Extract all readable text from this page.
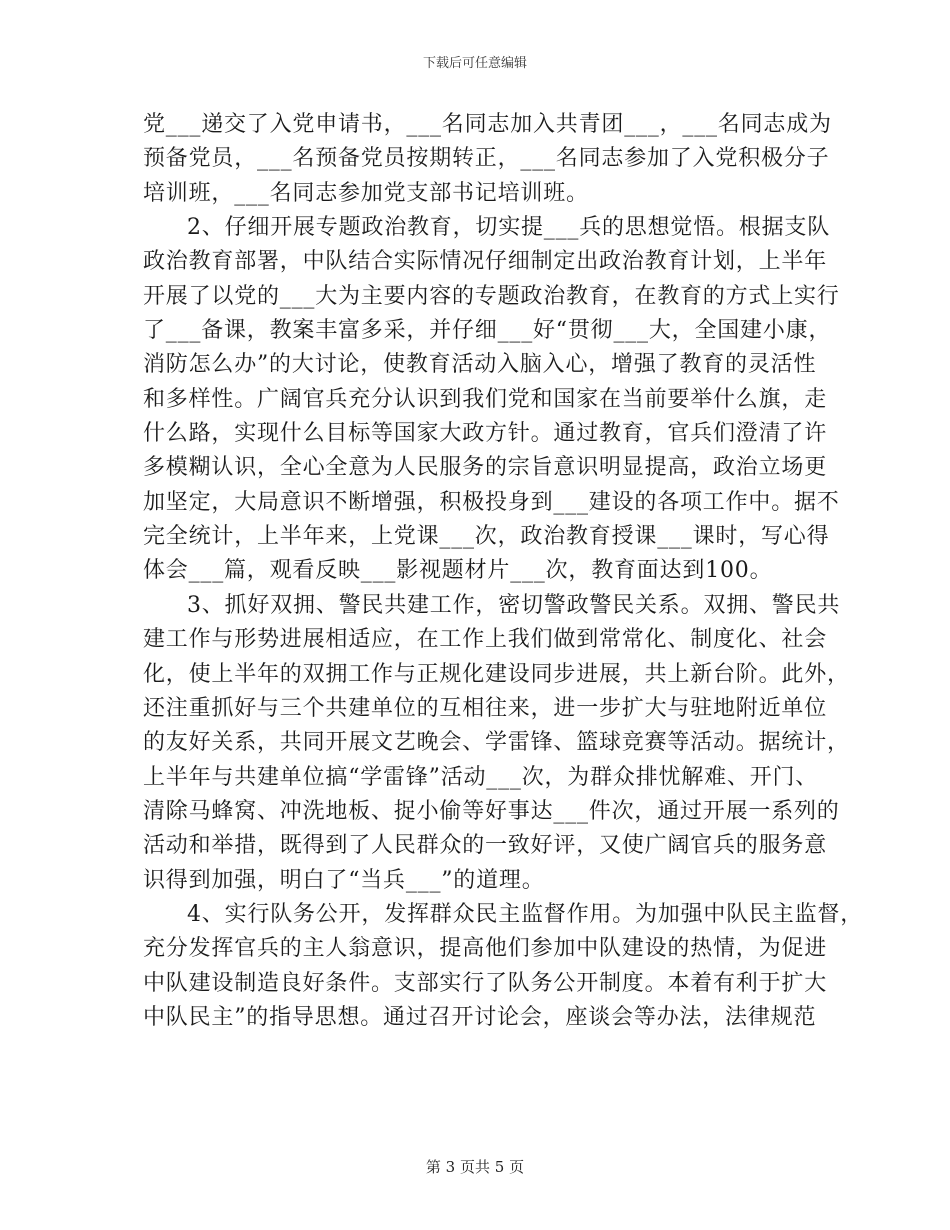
下载后可任意编辑
党___递交了入党申请书，___名同志加入共青团___，___名同志成为
预备党员，___名预备党员按期转正，___名同志参加了入党积极分子
培训班，___名同志参加党支部书记培训班。
2、仔细开展专题政治教育，切实提___兵的思想觉悟。根据支队
政治教育部署，中队结合实际情况仔细制定出政治教育计划，上半年
开展了以党的___大为主要内容的专题政治教育，在教育的方式上实行
了___备课，教案丰富多采，并仔细___好“贯彻___大，全国建小康，
消防怎么办”的大讨论，使教育活动入脑入心，增强了教育的灵活性
和多样性。广阔官兵充分认识到我们党和国家在当前要举什么旗，走
什么路，实现什么目标等国家大政方针。通过教育，官兵们澄清了许
多模糊认识，全心全意为人民服务的宗旨意识明显提高，政治立场更
加坚定，大局意识不断增强，积极投身到___建设的各项工作中。据不
完全统计，上半年来，上党课___次，政治教育授课___课时，写心得
体会___篇，观看反映___影视题材片___次，教育面达到100。
3、抓好双拥、警民共建工作，密切警政警民关系。双拥、警民共
建工作与形势进展相适应，在工作上我们做到常常化、制度化、社会
化，使上半年的双拥工作与正规化建设同步进展，共上新台阶。此外，
还注重抓好与三个共建单位的互相往来，进一步扩大与驻地附近单位
的友好关系，共同开展文艺晚会、学雷锋、篮球竞赛等活动。据统计，
上半年与共建单位搞“学雷锋”活动___次，为群众排忧解难、开门、
清除马蜂窝、冲洗地板、捉小偷等好事达___件次，通过开展一系列的
活动和举措，既得到了人民群众的一致好评，又使广阔官兵的服务意
识得到加强，明白了“当兵___”的道理。
4、实行队务公开，发挥群众民主监督作用。为加强中队民主监督，
充分发挥官兵的主人翁意识，提高他们参加中队建设的热情，为促进
中队建设制造良好条件。支部实行了队务公开制度。本着有利于扩大
中队民主”的指导思想。通过召开讨论会，座谈会等办法，法律规范
第 3 页共 5 页
